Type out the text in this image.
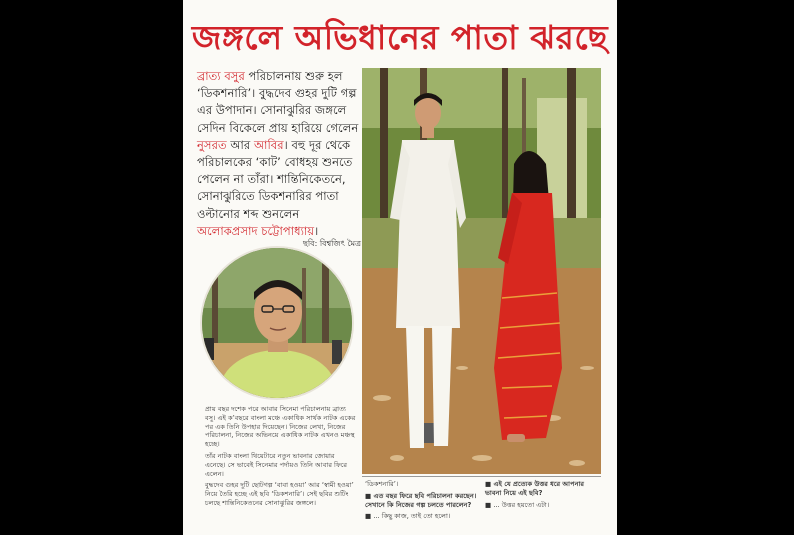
জঙ্গলে অভিধানের পাতা ঝরছে
ব্রাত্য বসুর পরিচালনায় শুরু হল ‘ডিকশনারি’। বুদ্ধদেব গুহর দুটি গল্প এর উপাদান। সোনাঝুরির জঙ্গলে সেদিন বিকেলে প্রায় হারিয়ে গেলেন নুসরত আর আবির। বহু দূর থেকে পরিচালকের ‘কাট’ বোধহয় শুনতে পেলেন না তাঁরা। শান্তিনিকেতনে, সোনাঝুরিতে ডিকশনারির পাতা ওল্টানোর শব্দ শুনলেন অলোকপ্রসাদ চট্টোপাধ্যায়।
ছবি: বিশ্বজিৎ মৈত্র

প্রায় বছর দশেক পরে আবার সিনেমা পরিচালনায় ব্রাত্য বসু। এই ক’বছরে বাংলা মঞ্চে একাধিক সার্থক নাটক একের পর এক তিনি উপহার দিয়েছেন। নিজের লেখা, নিজের পরিচালনা, নিজের অভিনয়ে একাধিক নাটক এখনও মঞ্চস্থ হচ্ছে।

তাঁর নাটক বাংলা থিয়েটারে নতুন ভাবনার জোয়ার এনেছে। সে ভাবেই সিনেমার পর্দায়ও তিনি আবার ফিরে এলেন।

বুদ্ধদেব গুহর দুটি ছোটগল্প ‘বাবা হওয়া’ আর ‘স্বামী হওয়া’ নিয়ে তৈরি হচ্ছে এই ছবি ‘ডিকশনারি’। সেই ছবির শুটিং চলছে শান্তিনিকেতনের সোনাঝুরির জঙ্গলে।

‘ডিকশনারি’।

■ এত বছর ফিরে ছবি পরিচালনা করছেন। সেখানে কি নিজের গল্প চলতে পারলেন?

■ ... কিছু কাজ, তাই তো হলো।

■ এই যে প্রত্যেক উত্তর ধরে আপনার ভাবনা নিয়ে এই ছবি?

■ ... উত্তর হয়তো এটা।
